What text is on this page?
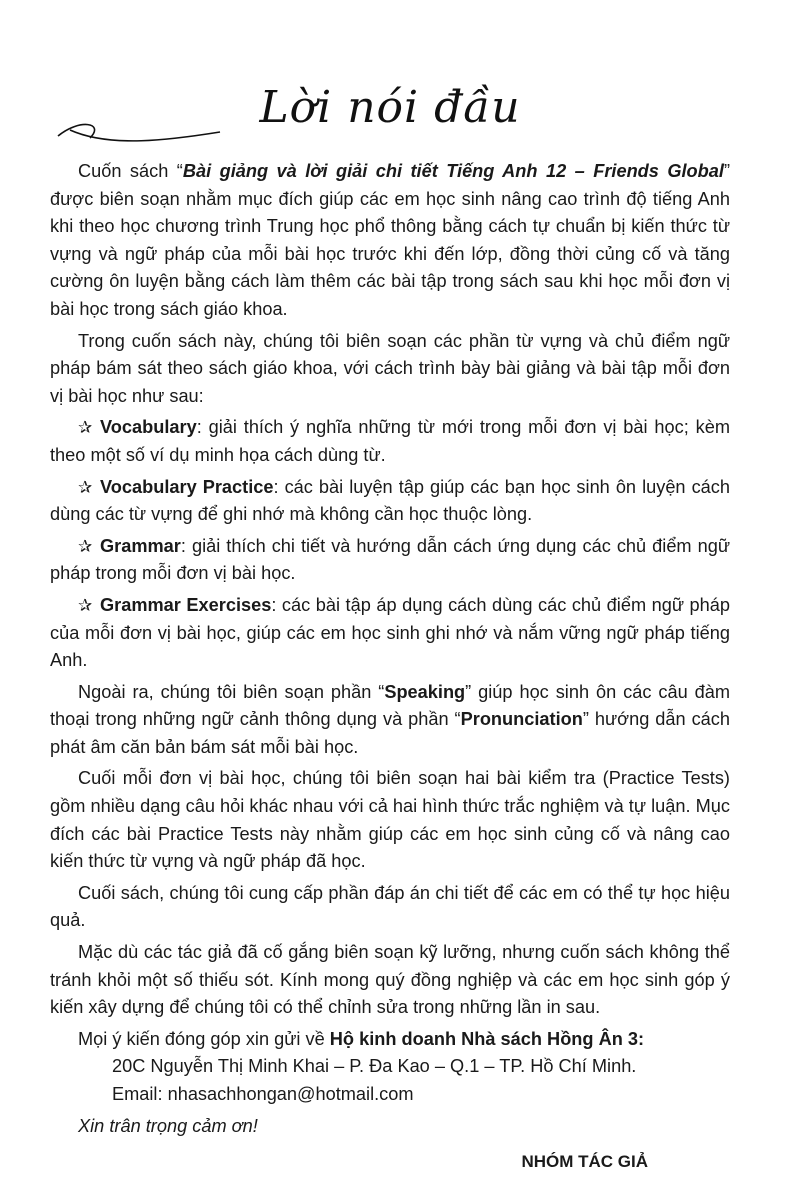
Lời nói đầu

Cuốn sách “Bài giảng và lời giải chi tiết Tiếng Anh 12 – Friends Global” được biên soạn nhằm mục đích giúp các em học sinh nâng cao trình độ tiếng Anh khi theo học chương trình Trung học phổ thông bằng cách tự chuẩn bị kiến thức từ vựng và ngữ pháp của mỗi bài học trước khi đến lớp, đồng thời củng cố và tăng cường ôn luyện bằng cách làm thêm các bài tập trong sách sau khi học mỗi đơn vị bài học trong sách giáo khoa.

Trong cuốn sách này, chúng tôi biên soạn các phần từ vựng và chủ điểm ngữ pháp bám sát theo sách giáo khoa, với cách trình bày bài giảng và bài tập mỗi đơn vị bài học như sau:

✰ Vocabulary: giải thích ý nghĩa những từ mới trong mỗi đơn vị bài học; kèm theo một số ví dụ minh họa cách dùng từ.

✰ Vocabulary Practice: các bài luyện tập giúp các bạn học sinh ôn luyện cách dùng các từ vựng để ghi nhớ mà không cần học thuộc lòng.

✰ Grammar: giải thích chi tiết và hướng dẫn cách ứng dụng các chủ điểm ngữ pháp trong mỗi đơn vị bài học.

✰ Grammar Exercises: các bài tập áp dụng cách dùng các chủ điểm ngữ pháp của mỗi đơn vị bài học, giúp các em học sinh ghi nhớ và nắm vững ngữ pháp tiếng Anh.

Ngoài ra, chúng tôi biên soạn phần “Speaking” giúp học sinh ôn các câu đàm thoại trong những ngữ cảnh thông dụng và phần “Pronunciation” hướng dẫn cách phát âm căn bản bám sát mỗi bài học.

Cuối mỗi đơn vị bài học, chúng tôi biên soạn hai bài kiểm tra (Practice Tests) gồm nhiều dạng câu hỏi khác nhau với cả hai hình thức trắc nghiệm và tự luận. Mục đích các bài Practice Tests này nhằm giúp các em học sinh củng cố và nâng cao kiến thức từ vựng và ngữ pháp đã học.

Cuối sách, chúng tôi cung cấp phần đáp án chi tiết để các em có thể tự học hiệu quả.

Mặc dù các tác giả đã cố gắng biên soạn kỹ lưỡng, nhưng cuốn sách không thể tránh khỏi một số thiếu sót. Kính mong quý đồng nghiệp và các em học sinh góp ý kiến xây dựng để chúng tôi có thể chỉnh sửa trong những lần in sau.

Mọi ý kiến đóng góp xin gửi về Hộ kinh doanh Nhà sách Hồng Ân 3:

20C Nguyễn Thị Minh Khai – P. Đa Kao – Q.1 – TP. Hồ Chí Minh.

Email: nhasachhongan@hotmail.com

Xin trân trọng cảm ơn!

NHÓM TÁC GIẢ
